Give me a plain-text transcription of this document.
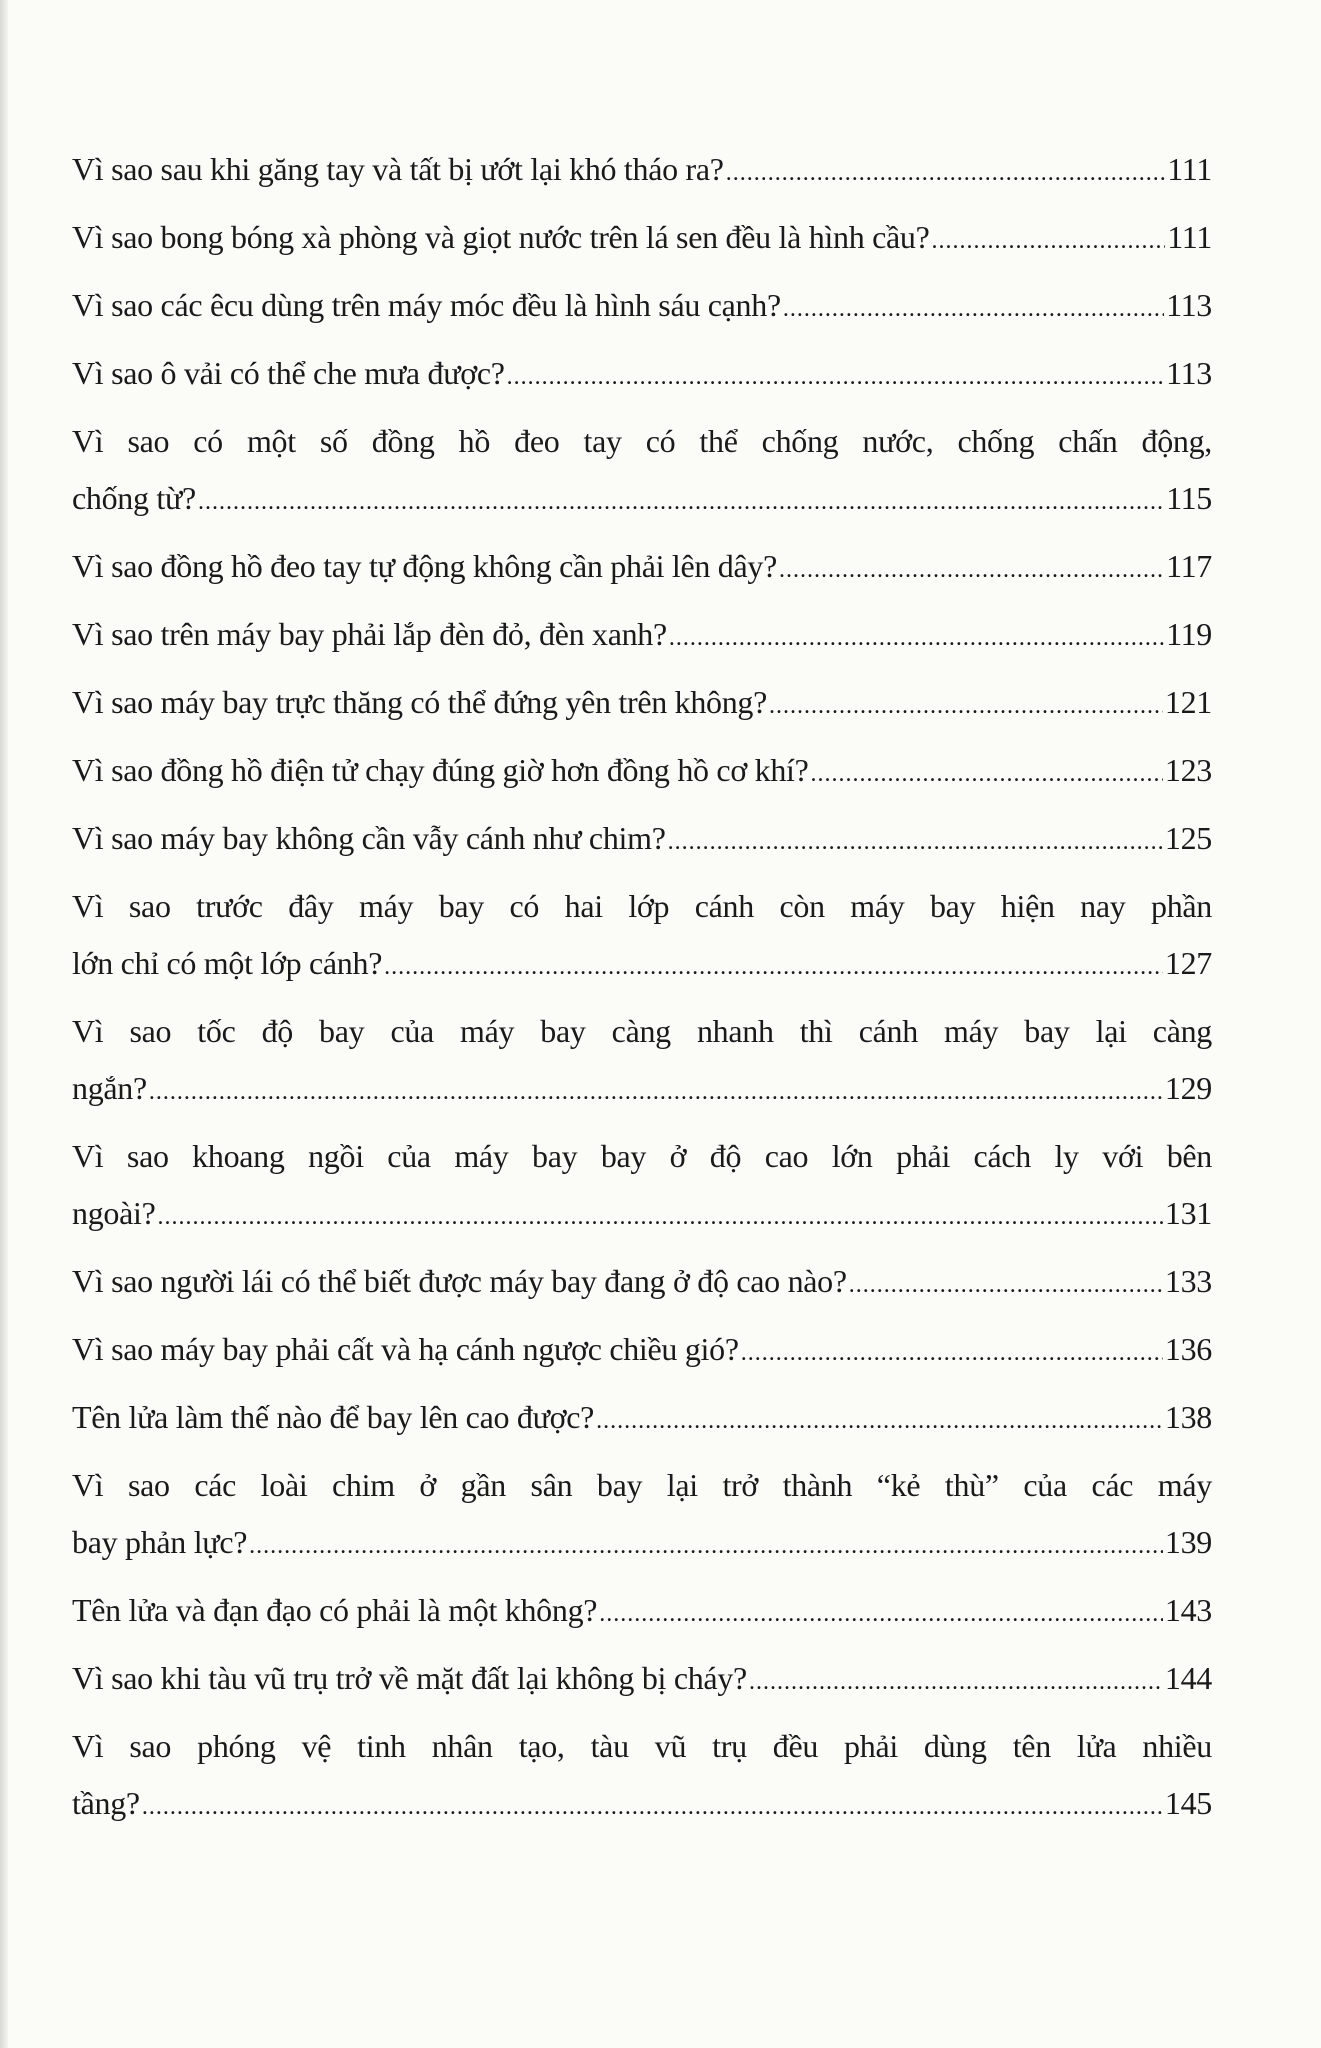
Vì sao sau khi găng tay và tất bị ướt lại khó tháo ra? .....	111
Vì sao bong bóng xà phòng và giọt nước trên lá sen đều là hình cầu? .....	111
Vì sao các êcu dùng trên máy móc đều là hình sáu cạnh? .....	113
Vì sao ô vải có thể che mưa được? .....	113
Vì sao có một số đồng hồ đeo tay có thể chống nước, chống chấn động,
chống từ? .....	115
Vì sao đồng hồ đeo tay tự động không cần phải lên dây? .....	117
Vì sao trên máy bay phải lắp đèn đỏ, đèn xanh? .....	119
Vì sao máy bay trực thăng có thể đứng yên trên không? .....	121
Vì sao đồng hồ điện tử chạy đúng giờ hơn đồng hồ cơ khí? .....	123
Vì sao máy bay không cần vẫy cánh như chim? .....	125
Vì sao trước đây máy bay có hai lớp cánh còn máy bay hiện nay phần
lớn chỉ có một lớp cánh? .....	127
Vì sao tốc độ bay của máy bay càng nhanh thì cánh máy bay lại càng
ngắn? .....	129
Vì sao khoang ngồi của máy bay bay ở độ cao lớn phải cách ly với bên
ngoài? .....	131
Vì sao người lái có thể biết được máy bay đang ở độ cao nào? .....	133
Vì sao máy bay phải cất và hạ cánh ngược chiều gió? .....	136
Tên lửa làm thế nào để bay lên cao được? .....	138
Vì sao các loài chim ở gần sân bay lại trở thành “kẻ thù” của các máy
bay phản lực? .....	139
Tên lửa và đạn đạo có phải là một không? .....	143
Vì sao khi tàu vũ trụ trở về mặt đất lại không bị cháy? .....	144
Vì sao phóng vệ tinh nhân tạo, tàu vũ trụ đều phải dùng tên lửa nhiều
tầng? .....	145
